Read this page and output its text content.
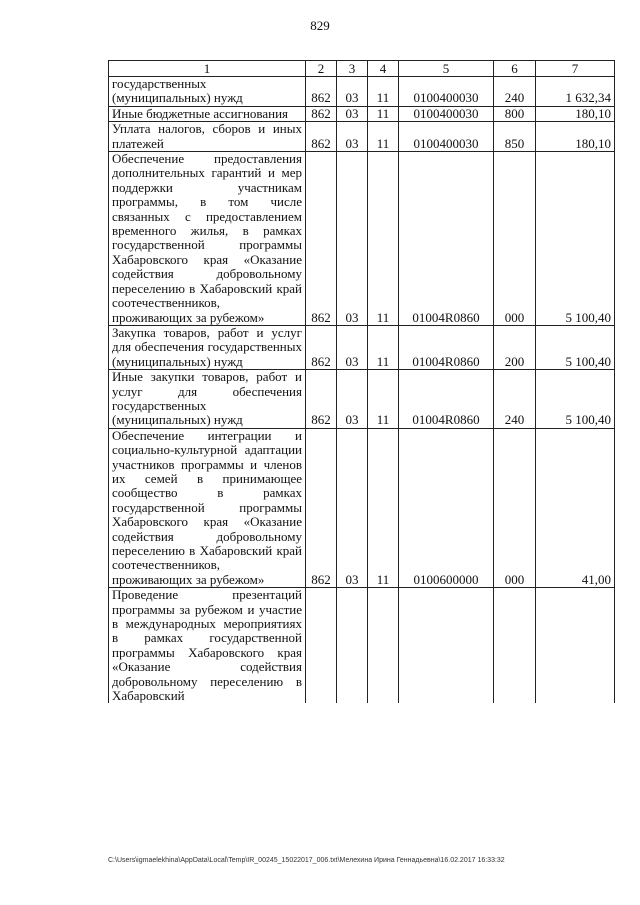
829
1	2	3	4	5	6	7

государственных (муниципальных) нужд	862	03	11	0100400030	240	1 632,34

Иные бюджетные ассигнования	862	03	11	0100400030	800	180,10

Уплата налогов, сборов и иных платежей	862	03	11	0100400030	850	180,10

Обеспечение предоставления дополнительных гарантий и мер поддержки участникам программы, в том числе связанных с предоставлением временного жилья, в рамках государственной программы Хабаровского края «Оказание содействия добровольному переселению в Хабаровский край соотечественников, проживающих за рубежом»	862	03	11	01004R0860	000	5 100,40

Закупка товаров, работ и услуг для обеспечения государственных (муниципальных) нужд	862	03	11	01004R0860	200	5 100,40

Иные закупки товаров, работ и услуг для обеспечения государственных (муниципальных) нужд	862	03	11	01004R0860	240	5 100,40

Обеспечение интеграции и социально-культурной адаптации участников программы и членов их семей в принимающее сообщество в рамках государственной программы Хабаровского края «Оказание содействия добровольному переселению в Хабаровский край соотечественников, проживающих за рубежом»	862	03	11	0100600000	000	41,00

Проведение презентаций программы за рубежом и участие в международных мероприятиях в рамках государственной программы Хабаровского края «Оказание содействия добровольному переселению в Хабаровский						

C:\Users\igmaelekhina\AppData\Local\Temp\IR_00245_15022017_006.txt\Мелехина Ирина Геннадьевна\16.02.2017 16:33:32
